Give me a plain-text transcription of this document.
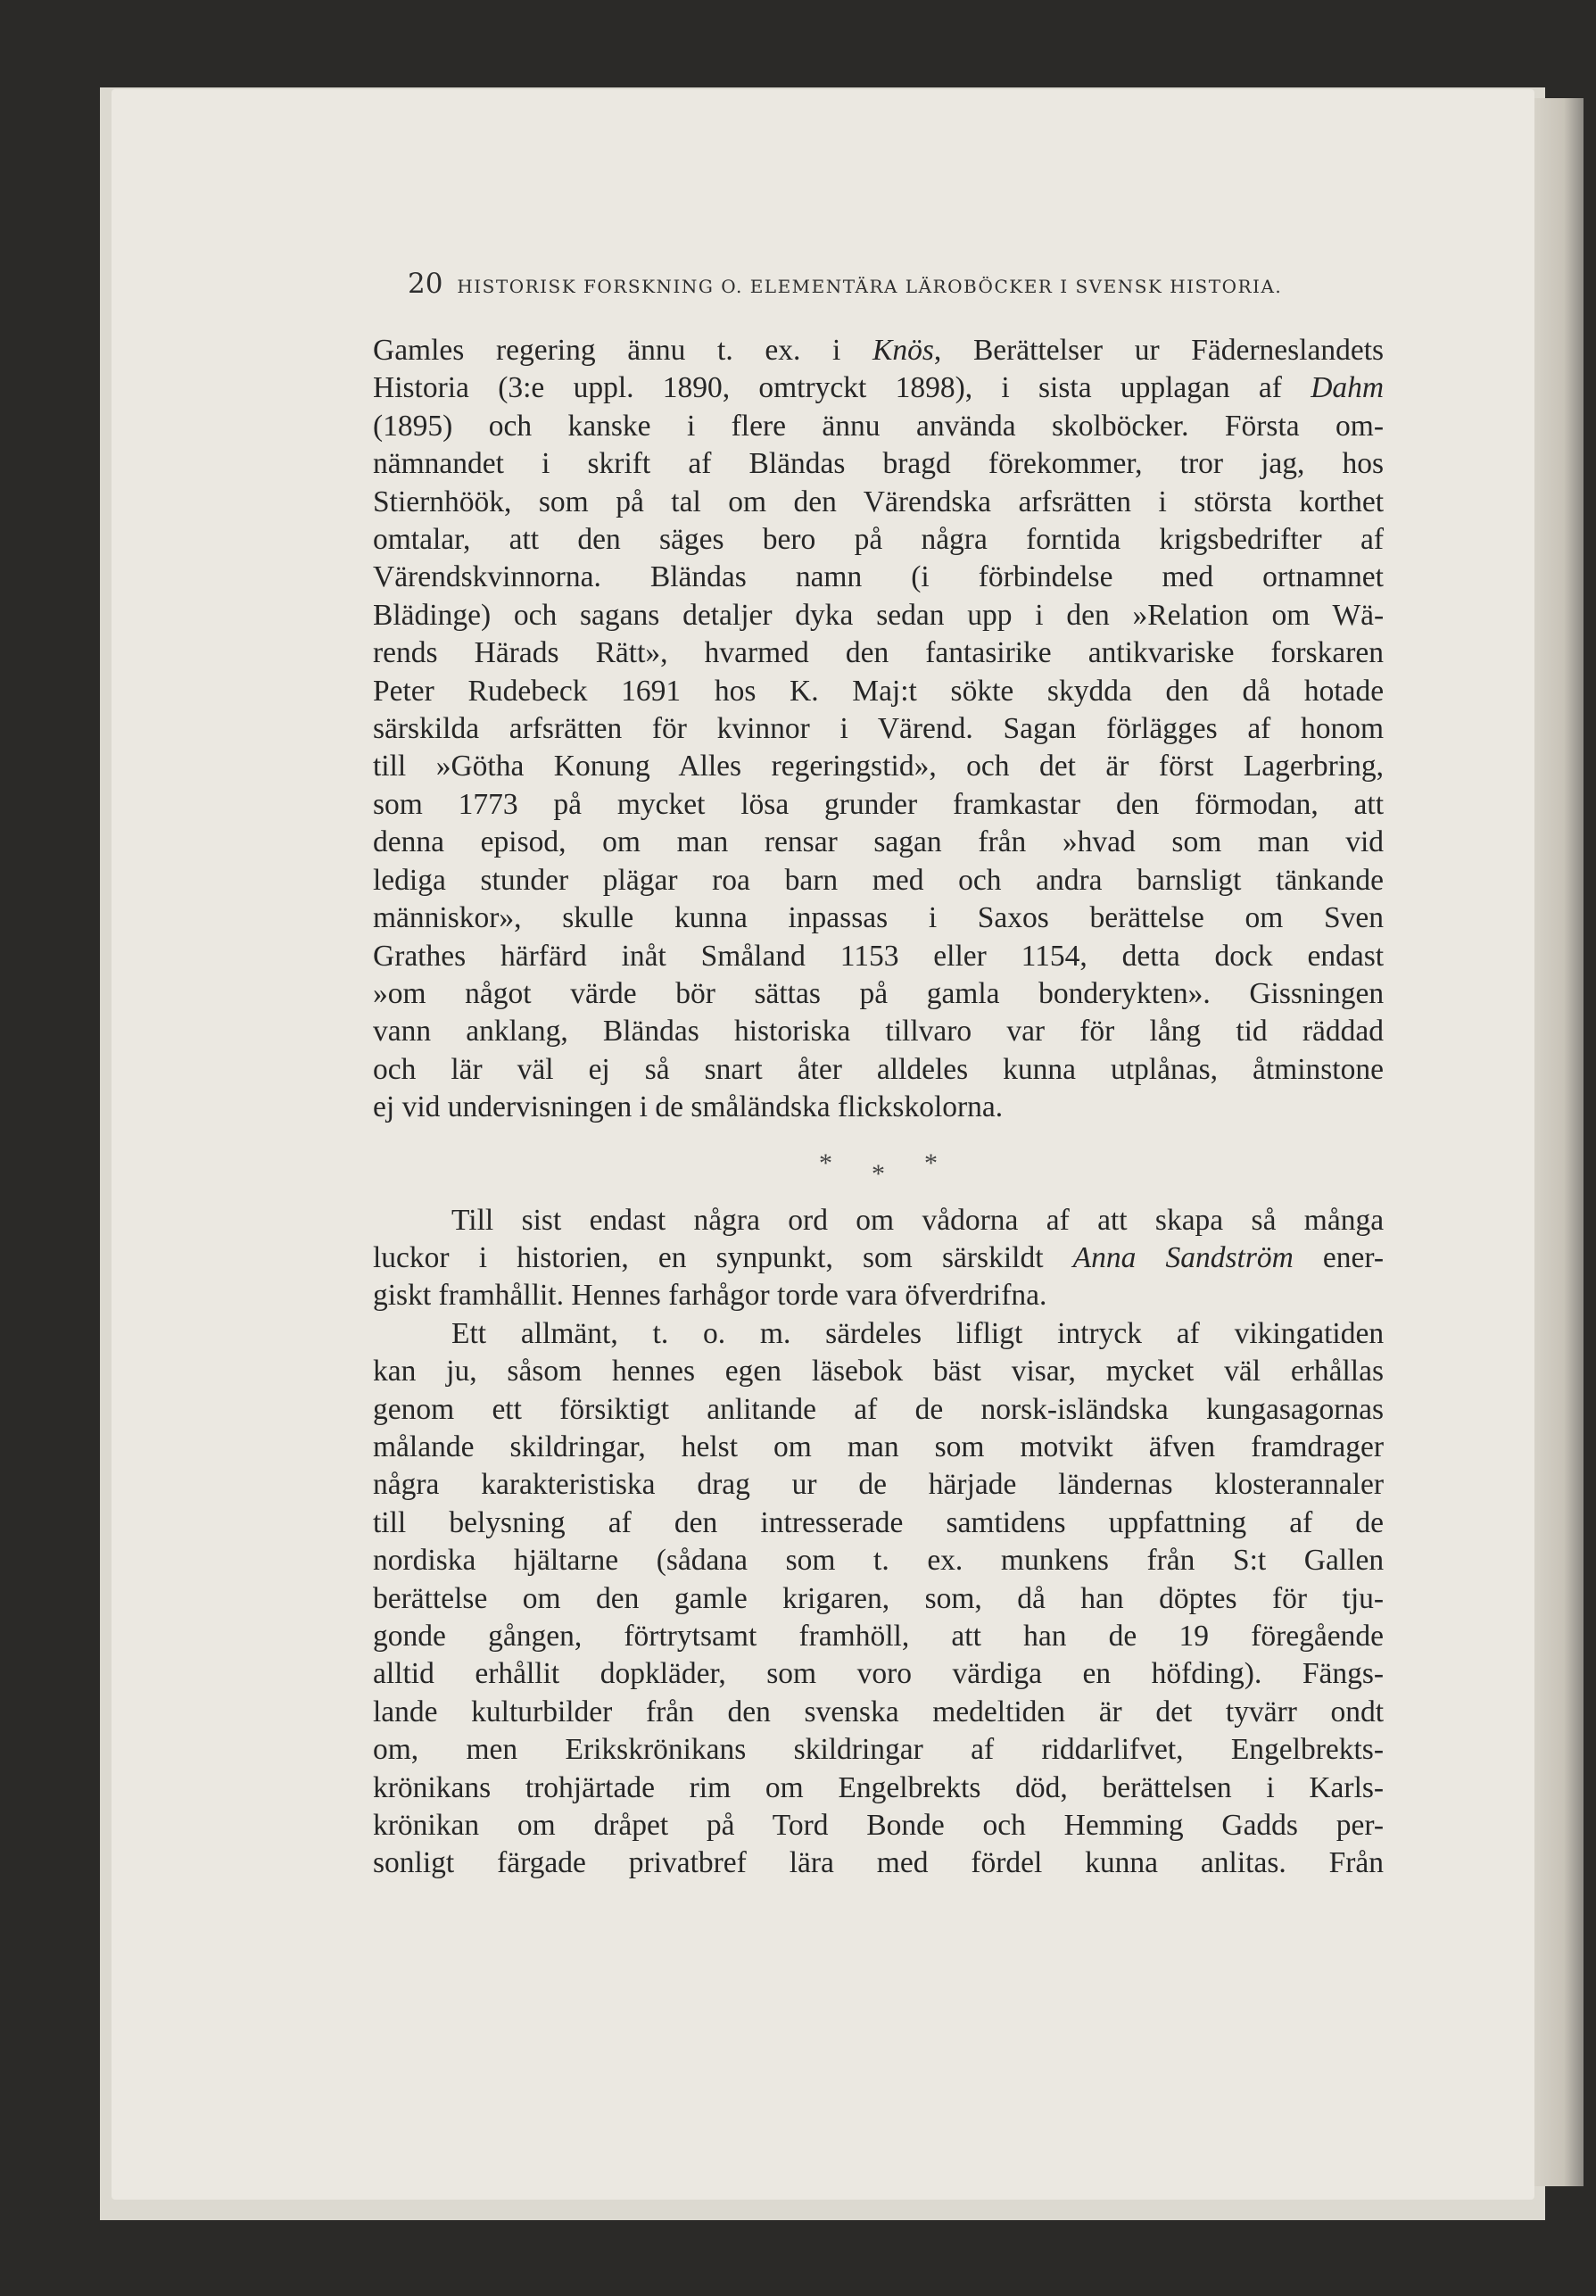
20 HISTORISK FORSKNING O. ELEMENTÄRA LÄROBÖCKER I SVENSK HISTORIA.
Gamles regering ännu t. ex. i Knös, Berättelser ur Fäderneslandets
Historia (3:e uppl. 1890, omtryckt 1898), i sista upplagan af Dahm
(1895) och kanske i flere ännu använda skolböcker. Första om-
nämnandet i skrift af Bländas bragd förekommer, tror jag, hos
Stiernhöök, som på tal om den Värendska arfsrätten i största korthet
omtalar, att den säges bero på några forntida krigsbedrifter af
Värendskvinnorna. Bländas namn (i förbindelse med ortnamnet
Blädinge) och sagans detaljer dyka sedan upp i den »Relation om Wä-
rends Härads Rätt», hvarmed den fantasirike antikvariske forskaren
Peter Rudebeck 1691 hos K. Maj:t sökte skydda den då hotade
särskilda arfsrätten för kvinnor i Värend. Sagan förlägges af honom
till »Götha Konung Alles regeringstid», och det är först Lagerbring,
som 1773 på mycket lösa grunder framkastar den förmodan, att
denna episod, om man rensar sagan från »hvad som man vid
lediga stunder plägar roa barn med och andra barnsligt tänkande
människor», skulle kunna inpassas i Saxos berättelse om Sven
Grathes härfärd inåt Småland 1153 eller 1154, detta dock endast
»om något värde bör sättas på gamla bonderykten». Gissningen
vann anklang, Bländas historiska tillvaro var för lång tid räddad
och lär väl ej så snart åter alldeles kunna utplånas, åtminstone
ej vid undervisningen i de småländska flickskolorna.
* * *
Till sist endast några ord om vådorna af att skapa så många
luckor i historien, en synpunkt, som särskildt Anna Sandström ener-
giskt framhållit. Hennes farhågor torde vara öfverdrifna.
Ett allmänt, t. o. m. särdeles lifligt intryck af vikingatiden
kan ju, såsom hennes egen läsebok bäst visar, mycket väl erhållas
genom ett försiktigt anlitande af de norsk-isländska kungasagornas
målande skildringar, helst om man som motvikt äfven framdrager
några karakteristiska drag ur de härjade ländernas klosterannaler
till belysning af den intresserade samtidens uppfattning af de
nordiska hjältarne (sådana som t. ex. munkens från S:t Gallen
berättelse om den gamle krigaren, som, då han döptes för tju-
gonde gången, förtrytsamt framhöll, att han de 19 föregående
alltid erhållit dopkläder, som voro värdiga en höfding). Fängs-
lande kulturbilder från den svenska medeltiden är det tyvärr ondt
om, men Erikskrönikans skildringar af riddarlifvet, Engelbrekts-
krönikans trohjärtade rim om Engelbrekts död, berättelsen i Karls-
krönikan om dråpet på Tord Bonde och Hemming Gadds per-
sonligt färgade privatbref lära med fördel kunna anlitas. Från
